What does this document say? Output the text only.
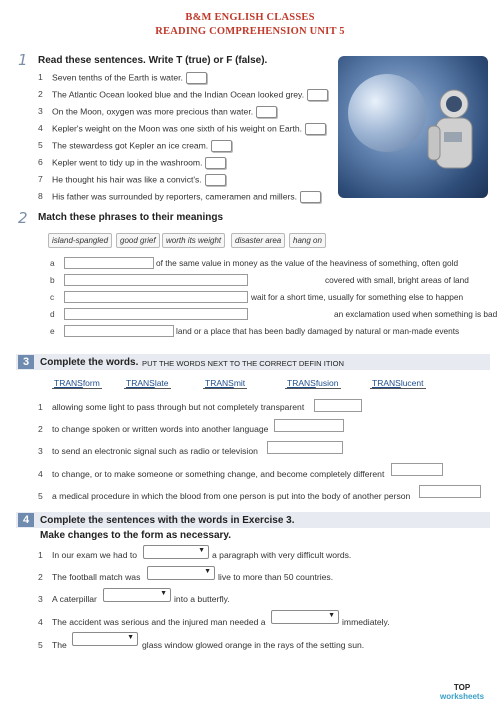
B&M ENGLISH CLASSES
READING COMPREHENSION UNIT 5
1 Read these sentences. Write T (true) or F (false).
1 Seven tenths of the Earth is water.
2 The Atlantic Ocean looked blue and the Indian Ocean looked grey.
3 On the Moon, oxygen was more precious than water.
4 Kepler's weight on the Moon was one sixth of his weight on Earth.
5 The stewardess got Kepler an ice cream.
6 Kepler went to tidy up in the washroom.
7 He thought his hair was like a convict's.
8 His father was surrounded by reporters, cameramen and millers.
2 Match these phrases to their meanings
island-spangled	good grief	worth its weight	disaster area	hang on
a	of the same value in money as the value of the heaviness of something, often gold
b	covered with small, bright areas of land
c	wait for a short time, usually for something else to happen
d	an exclamation used when something is bad
e	land or a place that has been badly damaged by natural or man-made events
3	Complete the words. PUT THE WORDS NEXT TO THE CORRECT DEFIN ITION
TRANSform	TRANSlate	TRANSmit	TRANSfusion	TRANSlucent
1 allowing some light to pass through but not completely transparent
2 to change spoken or written words into another language
3 to send an electronic signal such as radio or television
4 to change, or to make someone or something change, and become completely different
5 a medical procedure in which the blood from one person is put into the body of another person
4	Complete the sentences with the words in Exercise 3.
Make changes to the form as necessary.
1 In our exam we had to	▼ a paragraph with very difficult words.
2 The football match was
▼
live to more than 50 countries.
3 A caterpillar
▼
into a butterfly.
4 The accident was serious and the injured man needed a
▼
immediately.
5 The
▼
glass window glowed orange in the rays of the setting sun.
TOP
worksheets
